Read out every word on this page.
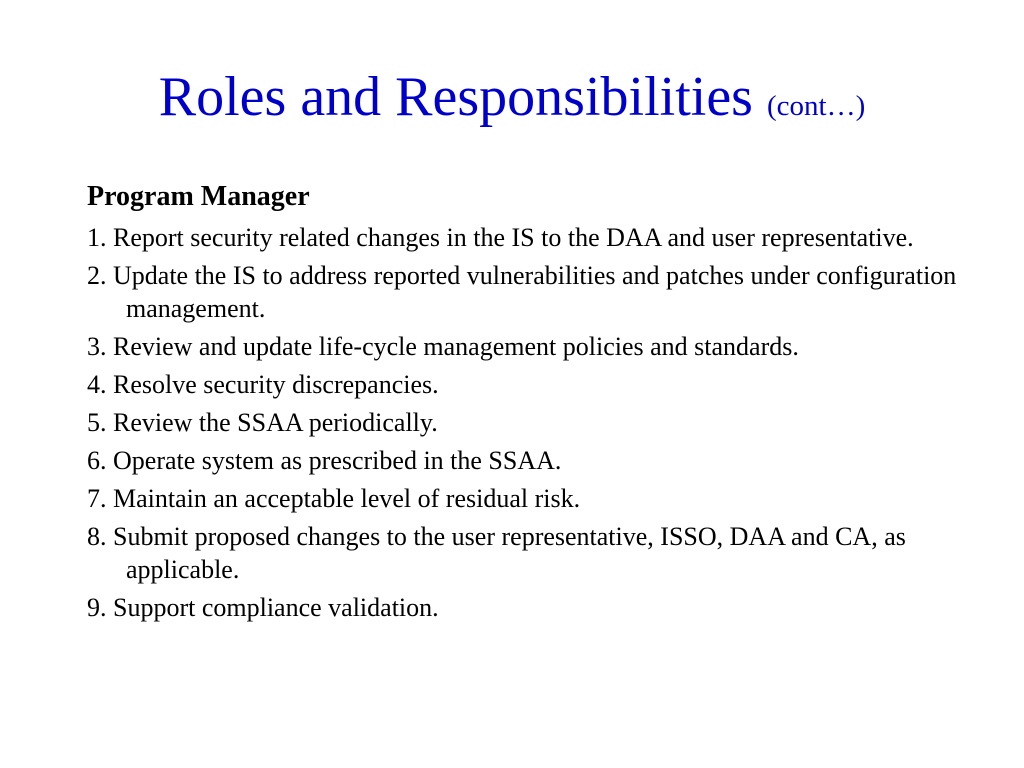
Roles and Responsibilities (cont…)
Program Manager
1. Report security related changes in the IS to the DAA and user representative.
2. Update the IS to address reported vulnerabilities and patches under configuration management.
3. Review and update life-cycle management policies and standards.
4. Resolve security discrepancies.
5. Review the SSAA periodically.
6. Operate system as prescribed in the SSAA.
7. Maintain an acceptable level of residual risk.
8. Submit proposed changes to the user representative, ISSO, DAA and CA, as applicable.
9. Support compliance validation.
